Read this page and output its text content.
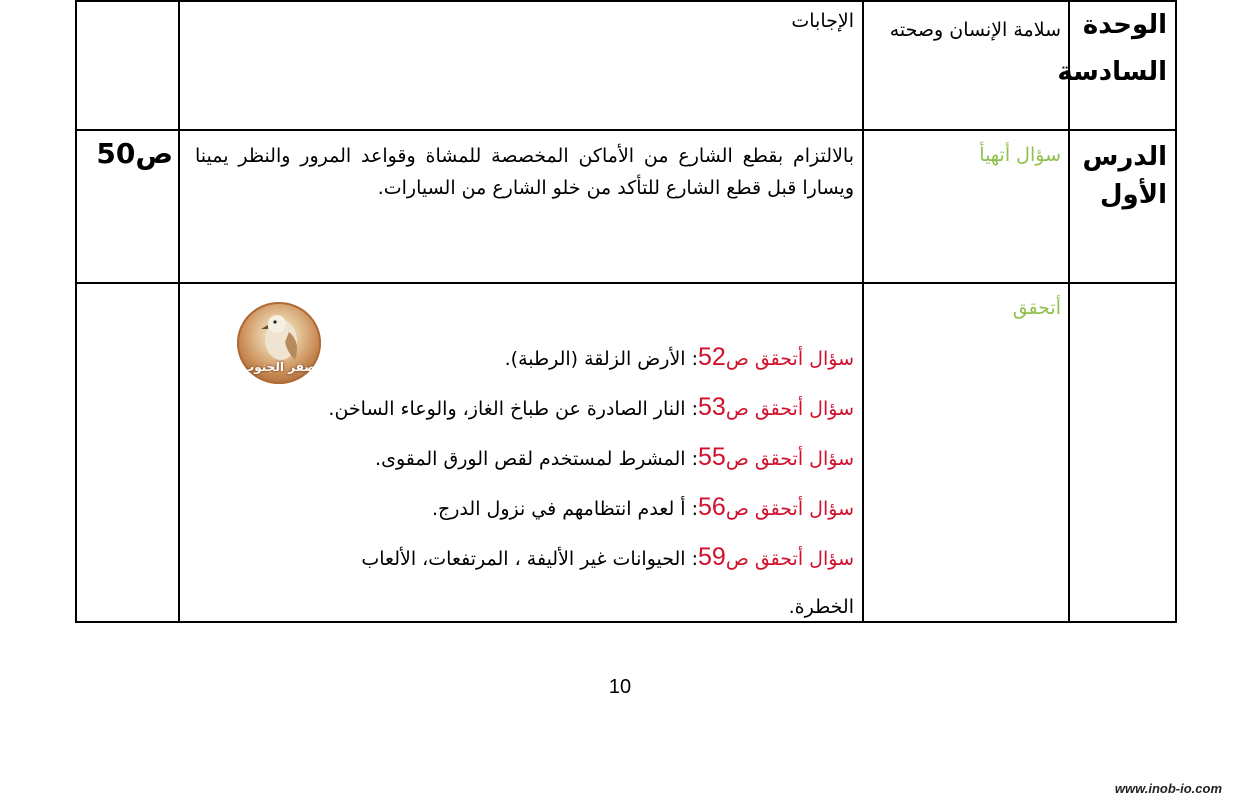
الوحدة السادسة
سلامة الإنسان وصحته
الإجابات
الدرس الأول
سؤال أتهيأ
بالالتزام بقطع الشارع من الأماكن المخصصة للمشاة وقواعد المرور والنظر يمينا ويسارا قبل قطع الشارع للتأكد من خلو الشارع من السيارات.
ص50
أتحقق
سؤال أتحقق ص52: الأرض الزلقة (الرطبة).
سؤال أتحقق ص53: النار الصادرة عن طباخ الغاز، والوعاء الساخن.
سؤال أتحقق ص55: المشرط لمستخدم لقص الورق المقوى.
سؤال أتحقق ص56: أ لعدم انتظامهم في نزول الدرج.
سؤال أتحقق ص59: الحيوانات غير الأليفة ، المرتفعات، الألعاب
الخطرة.
صقر الجنوب
10
www.inob-io.com
